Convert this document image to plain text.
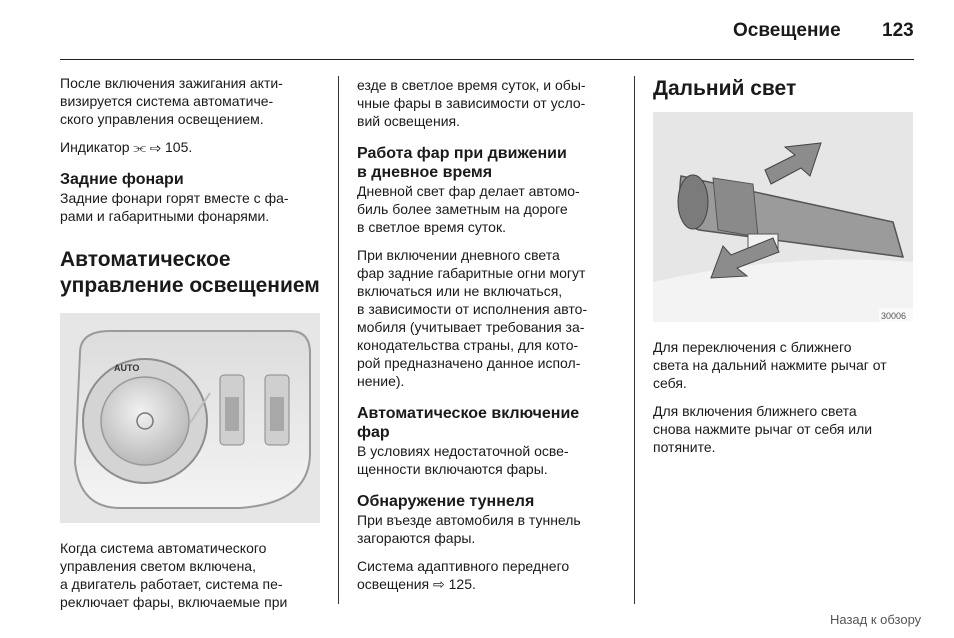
Освещение 123

После включения зажигания акти-
визируется система автоматиче-
ского управления освещением.

Индикатор ⫘ ⇨ 105.

Задние фонари

Задние фонари горят вместе с фа-
рами и габаритными фонарями.

Автоматическое
управление освещением
AUTO

Когда система автоматического
управления светом включена,
а двигатель работает, система пе-
реключает фары, включаемые при

езде в светлое время суток, и обы-
чные фары в зависимости от усло-
вий освещения.

Работа фар при движении
в дневное время

Дневной свет фар делает автомо-
биль более заметным на дороге
в светлое время суток.

При включении дневного света
фар задние габаритные огни могут
включаться или не включаться,
в зависимости от исполнения авто-
мобиля (учитывает требования за-
конодательства страны, для кото-
рой предназначено данное испол-
нение).

Автоматическое включение
фар

В условиях недостаточной осве-
щенности включаются фары.

Обнаружение туннеля

При въезде автомобиля в туннель
загораются фары.

Система адаптивного переднего
освещения ⇨ 125.

Дальний свет
30006

Для переключения с ближнего
света на дальний нажмите рычаг от
себя.

Для включения ближнего света
снова нажмите рычаг от себя или
потяните.

Назад к обзору
